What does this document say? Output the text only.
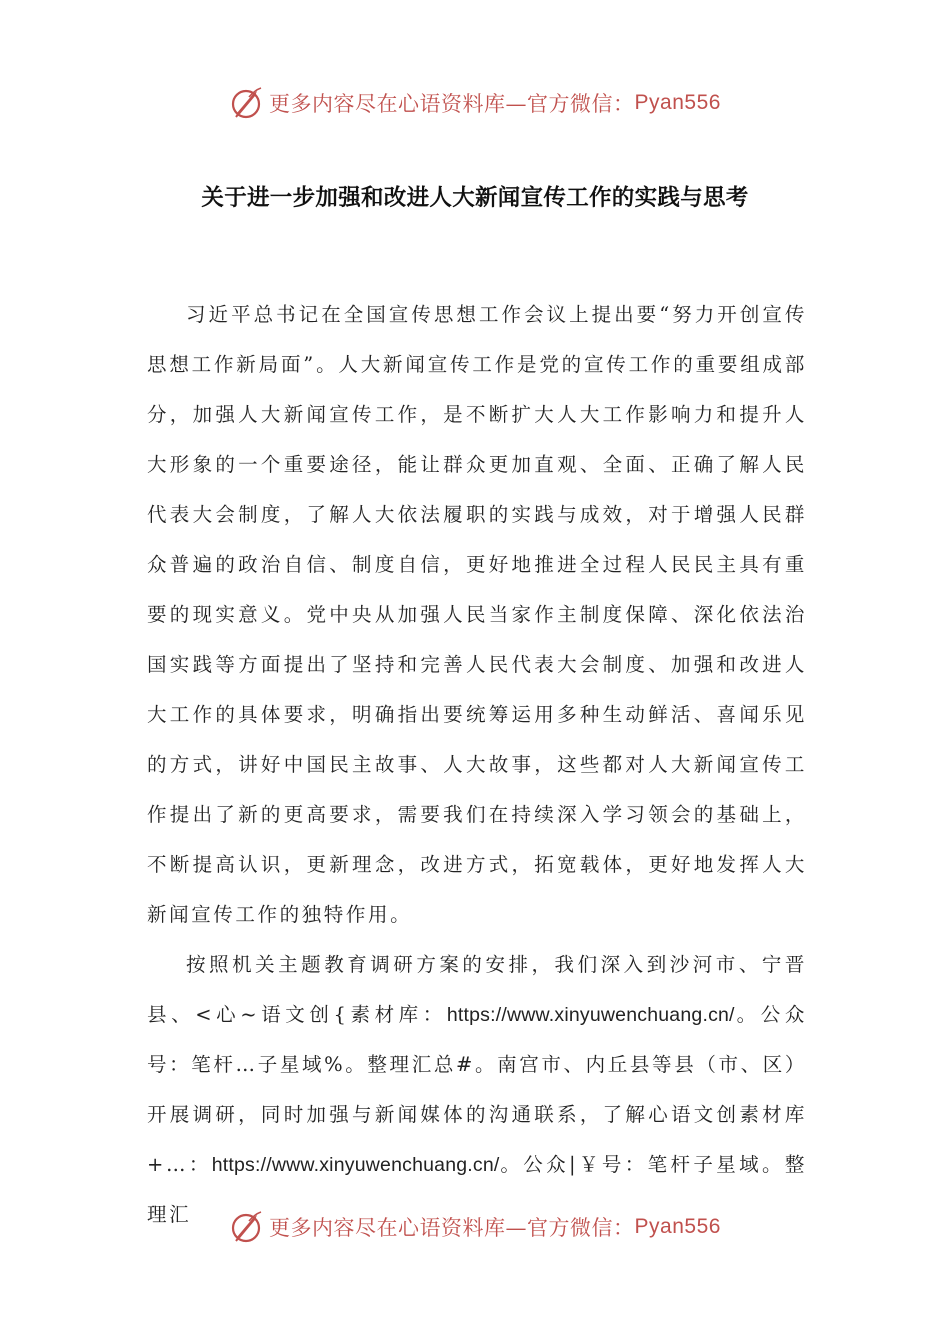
更多内容尽在心语资料库—官方微信： Pyan556
关于进一步加强和改进人大新闻宣传工作的实践与思考

习近平总书记在全国宣传思想工作会议上提出要“努力开创宣传思想工作新局面”。人大新闻宣传工作是党的宣传工作的重要组成部分，加强人大新闻宣传工作，是不断扩大人大工作影响力和提升人大形象的一个重要途径，能让群众更加直观、全面、正确了解人民代表大会制度，了解人大依法履职的实践与成效，对于增强人民群众普遍的政治自信、制度自信，更好地推进全过程人民民主具有重要的现实意义。党中央从加强人民当家作主制度保障、深化依法治国实践等方面提出了坚持和完善人民代表大会制度、加强和改进人大工作的具体要求，明确指出要统筹运用多种生动鲜活、喜闻乐见的方式，讲好中国民主故事、人大故事，这些都对人大新闻宣传工作提出了新的更高要求，需要我们在持续深入学习领会的基础上，不断提高认识，更新理念，改进方式，拓宽载体，更好地发挥人大新闻宣传工作的独特作用。

按照机关主题教育调研方案的安排，我们深入到沙河市、宁晋县、<心~语文创{素材库：https://www.xinyuwenchuang.cn/。公众号：笔杆…子星域%。整理汇总#。南宫市、内丘县等县（市、区）开展调研，同时加强与新闻媒体的沟通联系，了解心语文创素材库+…：https://www.xinyuwenchuang.cn/。公众|￥号：笔杆子星域。整理汇

更多内容尽在心语资料库—官方微信： Pyan556
